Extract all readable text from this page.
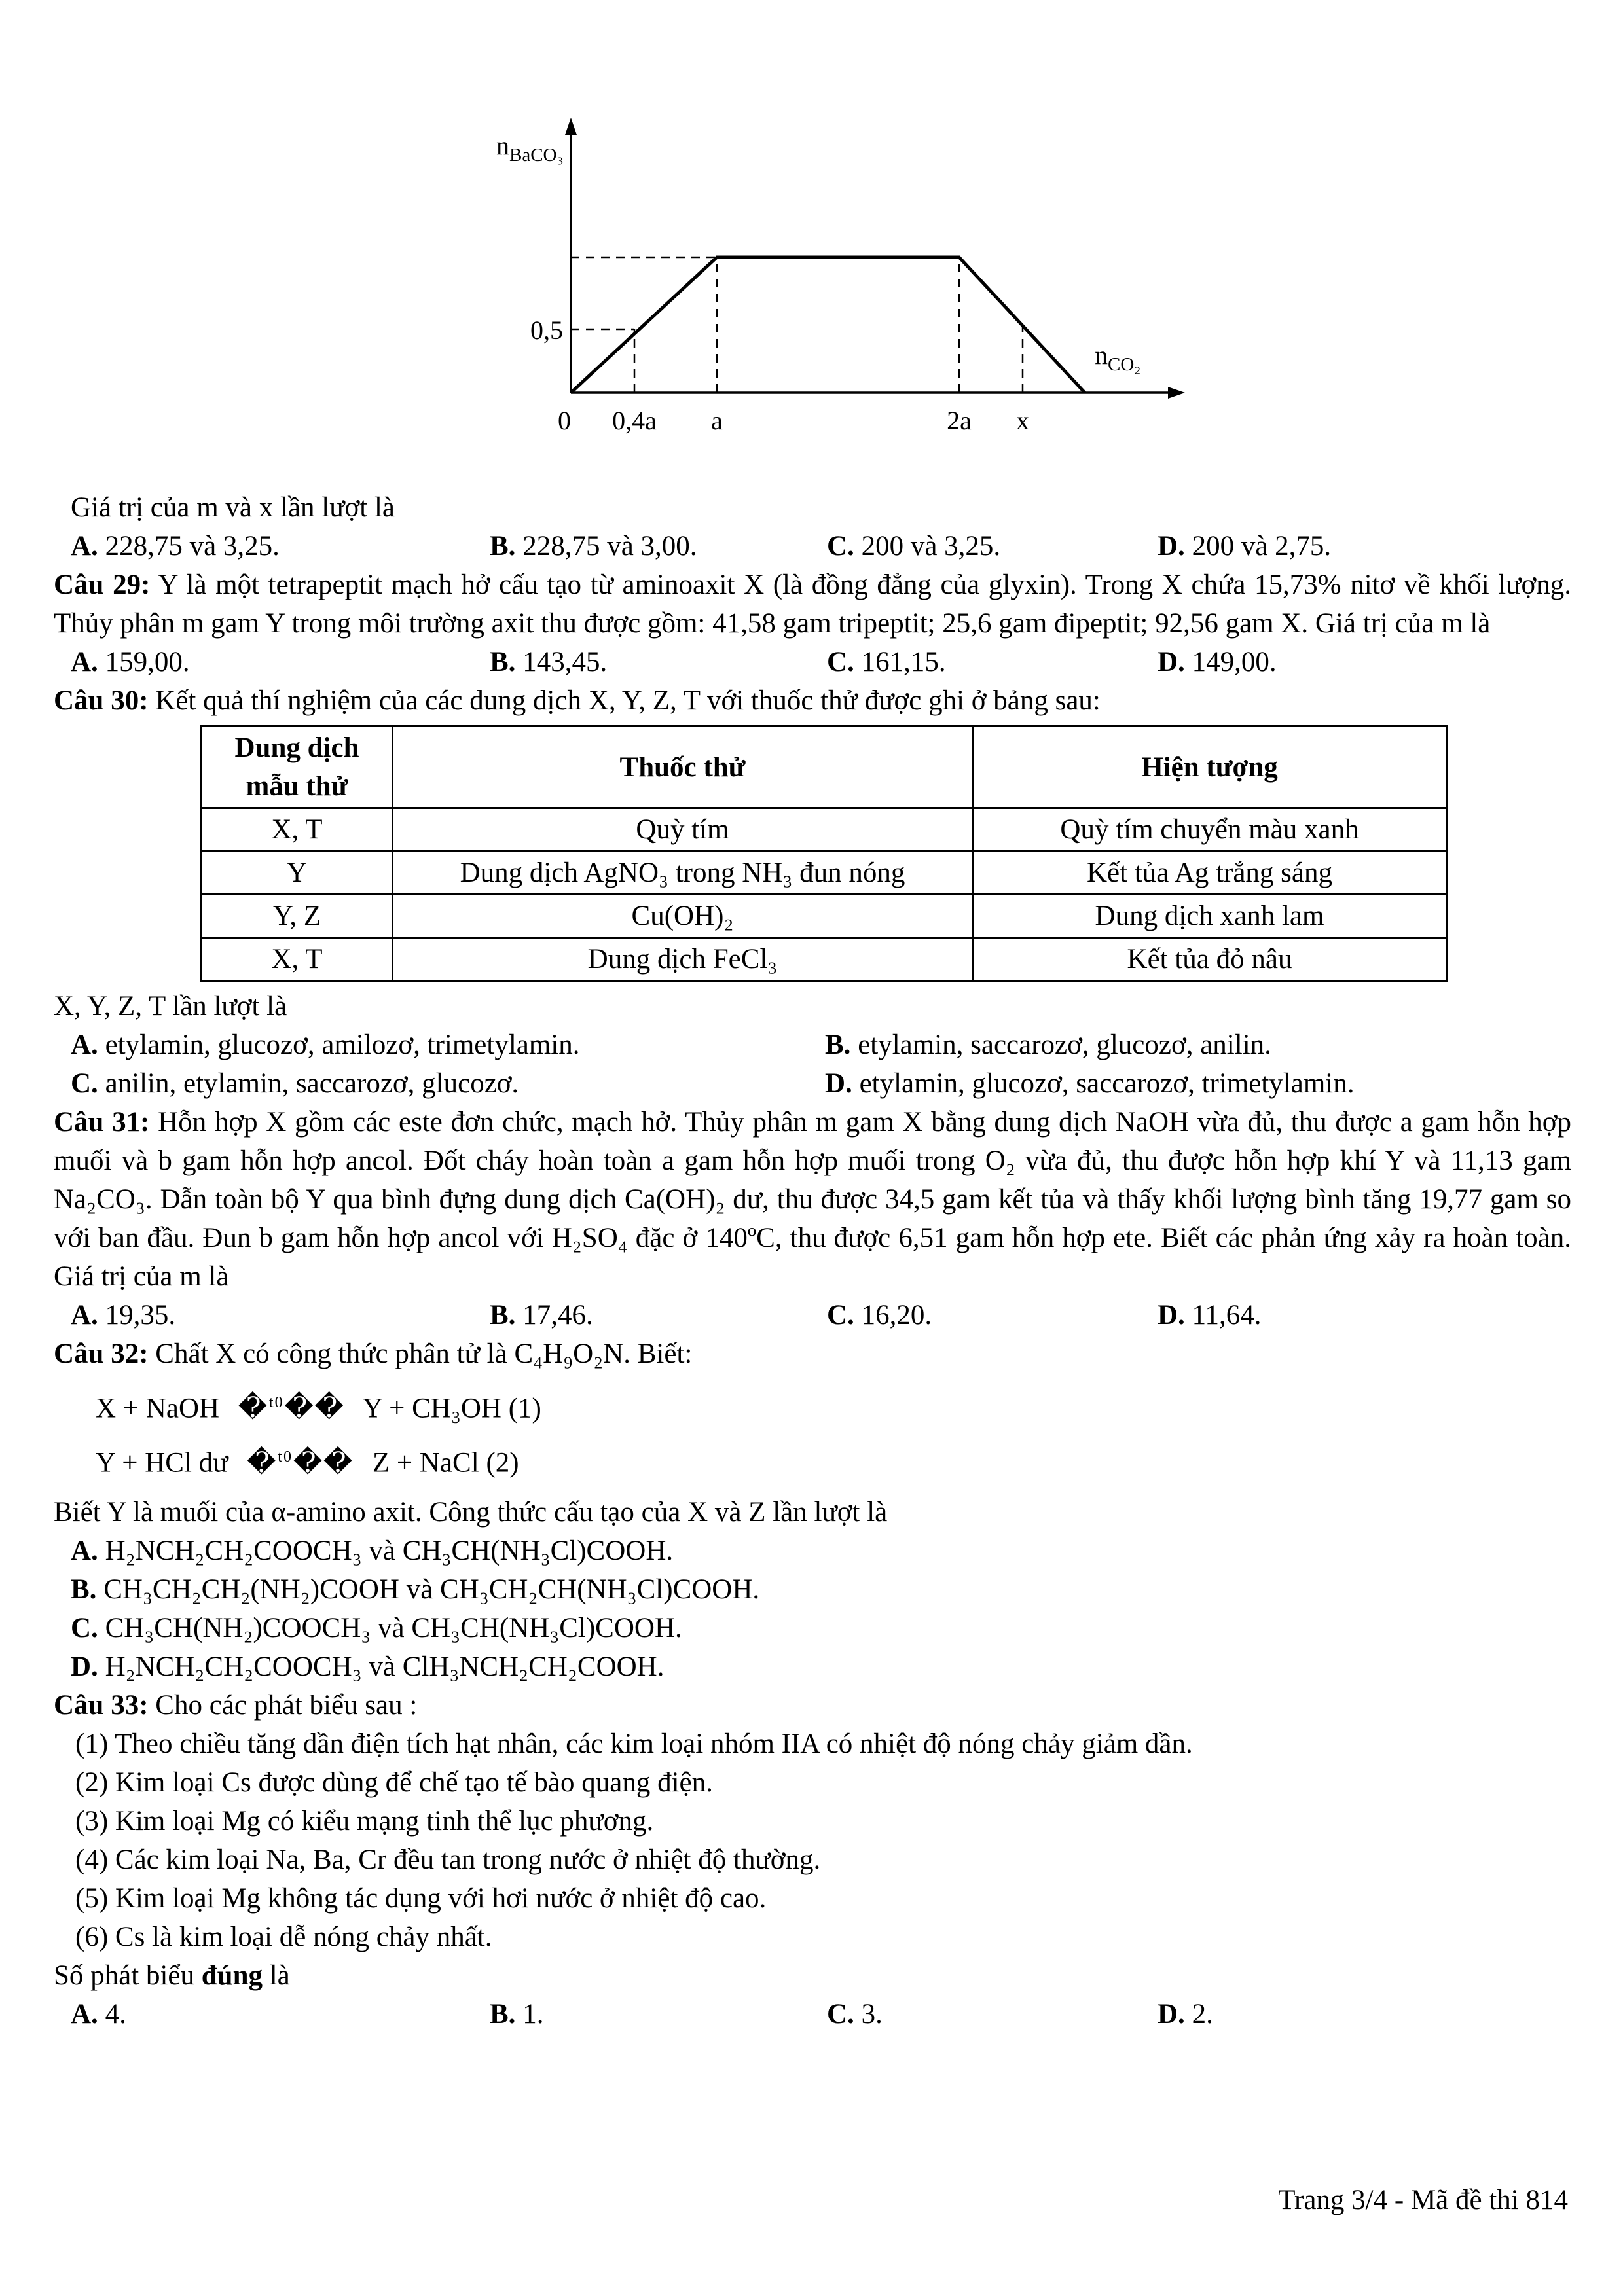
$n_{BaCO_3}$
$n_{CO_2}$
0,5
0 0,4a a	2a x
Giá trị của m và x lần lượt là
A. 228,75 và 3,25.	B. 228,75 và 3,00.	C. 200 và 3,25.	D. 200 và 2,75.

Câu 29: Y là một tetrapeptit mạch hở cấu tạo từ aminoaxit X (là đồng đẳng của glyxin). Trong X chứa 15,73% nitơ về khối lượng. Thủy phân m gam Y trong môi trường axit thu được gồm: 41,58 gam tripeptit; 25,6 gam đipeptit; 92,56 gam X. Giá trị của m là

A. 159,00.	B. 143,45.	C. 161,15.	D. 149,00.

Câu 30: Kết quả thí nghiệm của các dung dịch X, Y, Z, T với thuốc thử được ghi ở bảng sau:

Dung dịch mẫu thử	Thuốc thử	Hiện tượng
X, T	Quỳ tím	Quỳ tím chuyển màu xanh
Y	Dung dịch AgNO₃ trong NH₃ đun nóng	Kết tủa Ag trắng sáng
Y, Z	Cu(OH)₂	Dung dịch xanh lam
X, T	Dung dịch FeCl₃	Kết tủa đỏ nâu
X, Y, Z, T lần lượt là
A. etylamin, glucozơ, amilozơ, trimetylamin.	B. etylamin, saccarozơ, glucozơ, anilin.
C. anilin, etylamin, saccarozơ, glucozơ.	D. etylamin, glucozơ, saccarozơ, trimetylamin.

Câu 31: Hỗn hợp X gồm các este đơn chức, mạch hở. Thủy phân m gam X bằng dung dịch NaOH vừa đủ, thu được a gam hỗn hợp muối và b gam hỗn hợp ancol. Đốt cháy hoàn toàn a gam hỗn hợp muối trong O₂ vừa đủ, thu được hỗn hợp khí Y và 11,13 gam Na₂CO₃. Dẫn toàn bộ Y qua bình đựng dung dịch Ca(OH)₂ dư, thu được 34,5 gam kết tủa và thấy khối lượng bình tăng 19,77 gam so với ban đầu. Đun b gam hỗn hợp ancol với H₂SO₄ đặc ở 140ºC, thu được 6,51 gam hỗn hợp ete. Biết các phản ứng xảy ra hoàn toàn. Giá trị của m là

A. 19,35.	B. 17,46.	C. 16,20.	D. 11,64.

Câu 32: Chất X có công thức phân tử là C₄H₉O₂N. Biết:

X + NaOH �$^{t0}$�� Y + CH₃OH (1)
Y + HCl dư �$^{t0}$�� Z + NaCl (2)
Biết Y là muối của α-amino axit. Công thức cấu tạo của X và Z lần lượt là
A. H₂NCH₂CH₂COOCH₃ và CH₃CH(NH₃Cl)COOH.
B. CH₃CH₂CH₂(NH₂)COOH và CH₃CH₂CH(NH₃Cl)COOH.
C. CH₃CH(NH₂)COOCH₃ và CH₃CH(NH₃Cl)COOH.
D. H₂NCH₂CH₂COOCH₃ và ClH₃NCH₂CH₂COOH.

Câu 33: Cho các phát biểu sau :

(1) Theo chiều tăng dần điện tích hạt nhân, các kim loại nhóm IIA có nhiệt độ nóng chảy giảm dần.
(2) Kim loại Cs được dùng để chế tạo tế bào quang điện.
(3) Kim loại Mg có kiểu mạng tinh thể lục phương.
(4) Các kim loại Na, Ba, Cr đều tan trong nước ở nhiệt độ thường.
(5) Kim loại Mg không tác dụng với hơi nước ở nhiệt độ cao.
(6) Cs là kim loại dễ nóng chảy nhất.
Số phát biểu đúng là
A. 4.	B. 1.	C. 3.	D. 2.
Trang 3/4 - Mã đề thi 814
